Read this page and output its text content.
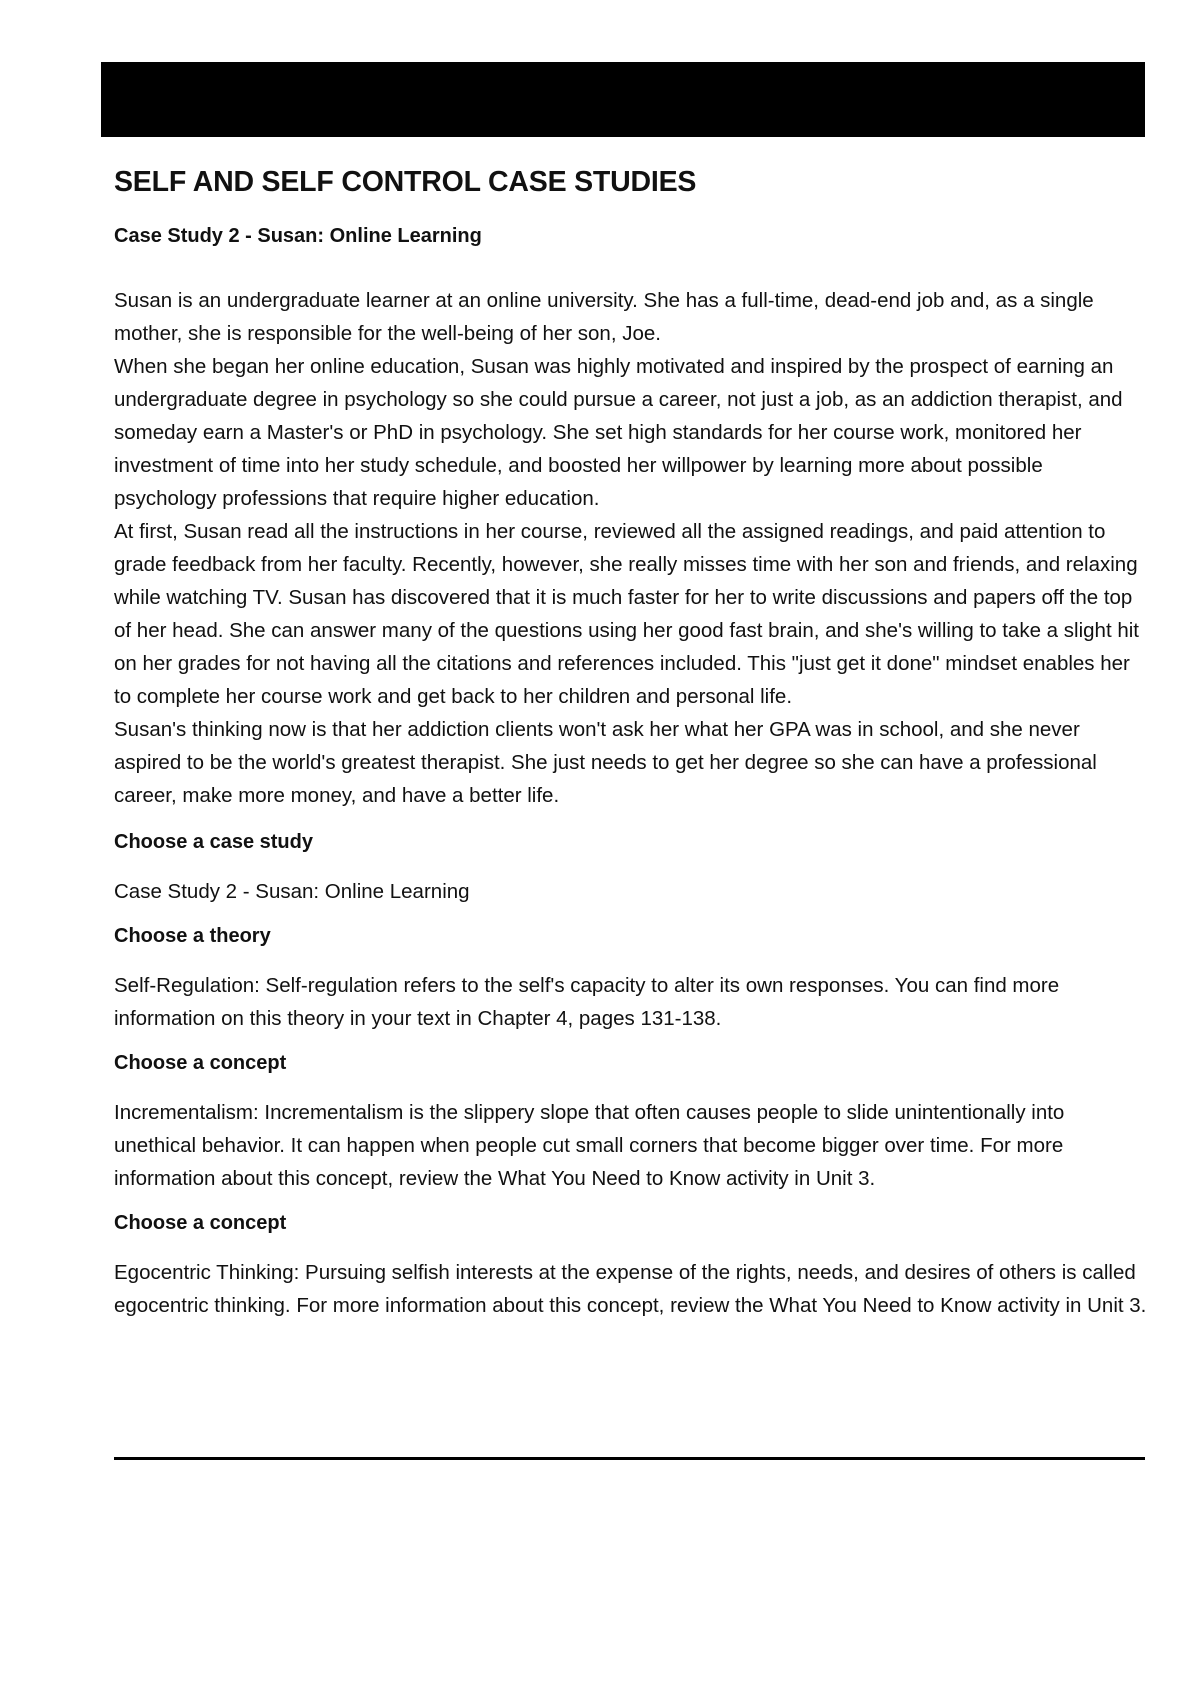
SELF AND SELF CONTROL CASE STUDIES
Case Study 2 - Susan: Online Learning

Susan is an undergraduate learner at an online university. She has a full-time, dead-end job and, as a single mother, she is responsible for the well-being of her son, Joe.

When she began her online education, Susan was highly motivated and inspired by the prospect of earning an undergraduate degree in psychology so she could pursue a career, not just a job, as an addiction therapist, and someday earn a Master's or PhD in psychology. She set high standards for her course work, monitored her investment of time into her study schedule, and boosted her willpower by learning more about possible psychology professions that require higher education.

At first, Susan read all the instructions in her course, reviewed all the assigned readings, and paid attention to grade feedback from her faculty. Recently, however, she really misses time with her son and friends, and relaxing while watching TV. Susan has discovered that it is much faster for her to write discussions and papers off the top of her head. She can answer many of the questions using her good fast brain, and she's willing to take a slight hit on her grades for not having all the citations and references included. This "just get it done" mindset enables her to complete her course work and get back to her children and personal life.

Susan's thinking now is that her addiction clients won't ask her what her GPA was in school, and she never aspired to be the world's greatest therapist. She just needs to get her degree so she can have a professional career, make more money, and have a better life.

Choose a case study

Case Study 2 - Susan: Online Learning

Choose a theory

Self-Regulation: Self-regulation refers to the self's capacity to alter its own responses. You can find more information on this theory in your text in Chapter 4, pages 131-138.

Choose a concept

Incrementalism: Incrementalism is the slippery slope that often causes people to slide unintentionally into unethical behavior. It can happen when people cut small corners that become bigger over time. For more information about this concept, review the What You Need to Know activity in Unit 3.

Choose a concept

Egocentric Thinking: Pursuing selfish interests at the expense of the rights, needs, and desires of others is called egocentric thinking. For more information about this concept, review the What You Need to Know activity in Unit 3.
